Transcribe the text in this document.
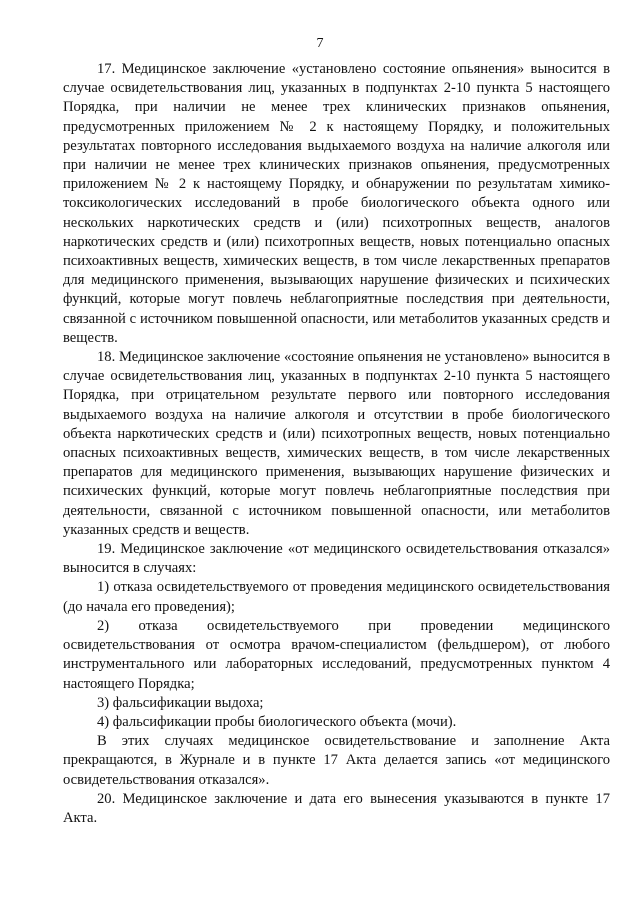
7

17. Медицинское заключение «установлено состояние опьянения» выносится в случае освидетельствования лиц, указанных в подпунктах 2-10 пункта 5 настоящего Порядка, при наличии не менее трех клинических признаков опьянения, предусмотренных приложением № 2 к настоящему Порядку, и положительных результатах повторного исследования выдыхаемого воздуха на наличие алкоголя или при наличии не менее трех клинических признаков опьянения, предусмотренных приложением № 2 к настоящему Порядку, и обнаружении по результатам химико-токсикологических исследований в пробе биологического объекта одного или нескольких наркотических средств и (или) психотропных веществ, аналогов наркотических средств и (или) психотропных веществ, новых потенциально опасных психоактивных веществ, химических веществ, в том числе лекарственных препаратов для медицинского применения, вызывающих нарушение физических и психических функций, которые могут повлечь неблагоприятные последствия при деятельности, связанной с источником повышенной опасности, или метаболитов указанных средств и веществ.

18. Медицинское заключение «состояние опьянения не установлено» выносится в случае освидетельствования лиц, указанных в подпунктах 2-10 пункта 5 настоящего Порядка, при отрицательном результате первого или повторного исследования выдыхаемого воздуха на наличие алкоголя и отсутствии в пробе биологического объекта наркотических средств и (или) психотропных веществ, новых потенциально опасных психоактивных веществ, химических веществ, в том числе лекарственных препаратов для медицинского применения, вызывающих нарушение физических и психических функций, которые могут повлечь неблагоприятные последствия при деятельности, связанной с источником повышенной опасности, или метаболитов указанных средств и веществ.

19. Медицинское заключение «от медицинского освидетельствования отказался» выносится в случаях:

1) отказа освидетельствуемого от проведения медицинского освидетельствования (до начала его проведения);

2) отказа освидетельствуемого при проведении медицинского освидетельствования от осмотра врачом-специалистом (фельдшером), от любого инструментального или лабораторных исследований, предусмотренных пунктом 4 настоящего Порядка;

3) фальсификации выдоха;

4) фальсификации пробы биологического объекта (мочи).

В этих случаях медицинское освидетельствование и заполнение Акта прекращаются, в Журнале и в пункте 17 Акта делается запись «от медицинского освидетельствования отказался».

20. Медицинское заключение и дата его вынесения указываются в пункте 17 Акта.
